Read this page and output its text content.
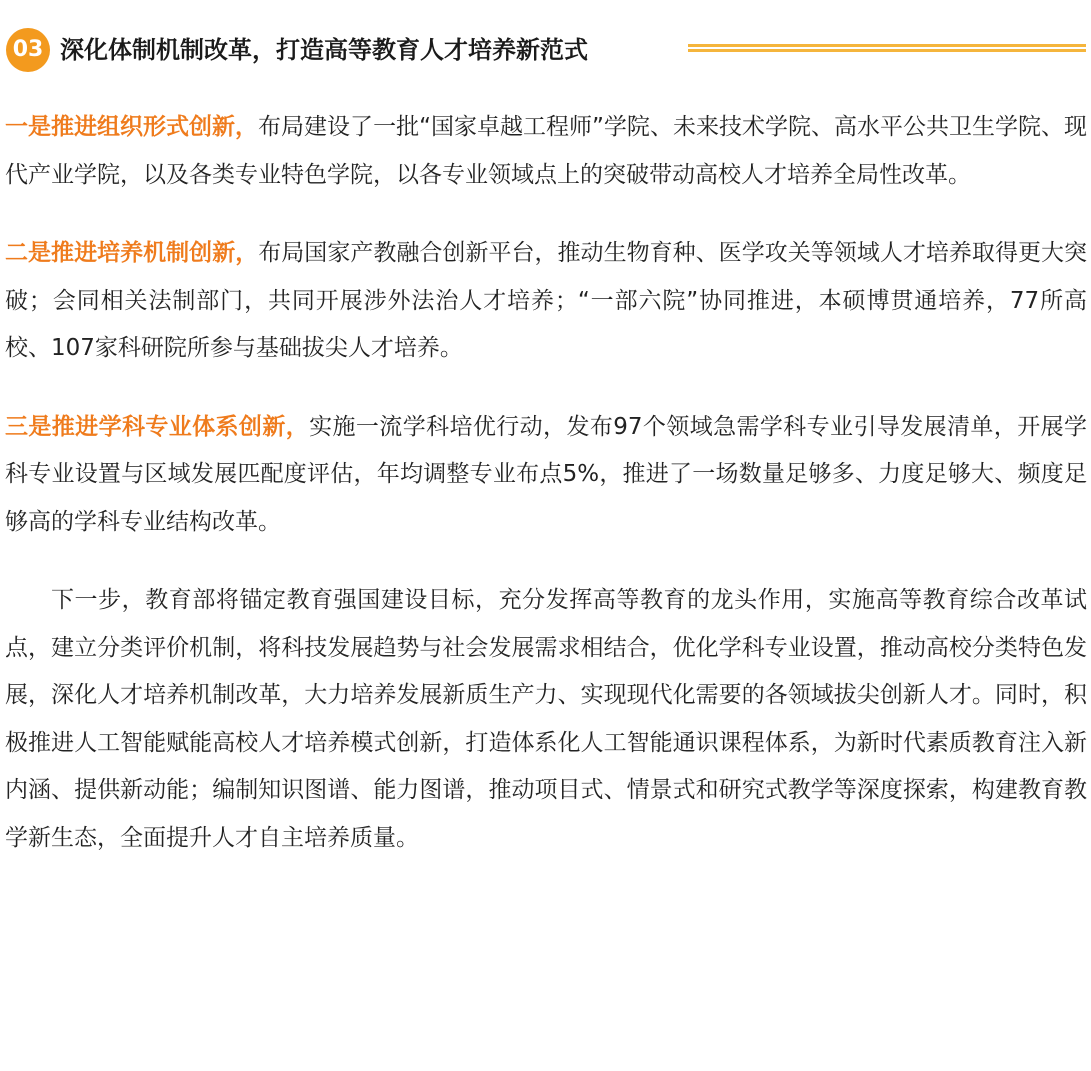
03 深化体制机制改革，打造高等教育人才培养新范式

一是推进组织形式创新，布局建设了一批“国家卓越工程师”学院、未来技术学院、高水平公共卫生学院、现代产业学院，以及各类专业特色学院，以各专业领域点上的突破带动高校人才培养全局性改革。

二是推进培养机制创新，布局国家产教融合创新平台，推动生物育种、医学攻关等领域人才培养取得更大突破；会同相关法制部门，共同开展涉外法治人才培养；“一部六院”协同推进，本硕博贯通培养，77所高校、107家科研院所参与基础拔尖人才培养。

三是推进学科专业体系创新，实施一流学科培优行动，发布97个领域急需学科专业引导发展清单，开展学科专业设置与区域发展匹配度评估，年均调整专业布点5%，推进了一场数量足够多、力度足够大、频度足够高的学科专业结构改革。

下一步，教育部将锚定教育强国建设目标，充分发挥高等教育的龙头作用，实施高等教育综合改革试点，建立分类评价机制，将科技发展趋势与社会发展需求相结合，优化学科专业设置，推动高校分类特色发展，深化人才培养机制改革，大力培养发展新质生产力、实现现代化需要的各领域拔尖创新人才。同时，积极推进人工智能赋能高校人才培养模式创新，打造体系化人工智能通识课程体系，为新时代素质教育注入新内涵、提供新动能；编制知识图谱、能力图谱，推动项目式、情景式和研究式教学等深度探索，构建教育教学新生态，全面提升人才自主培养质量。
